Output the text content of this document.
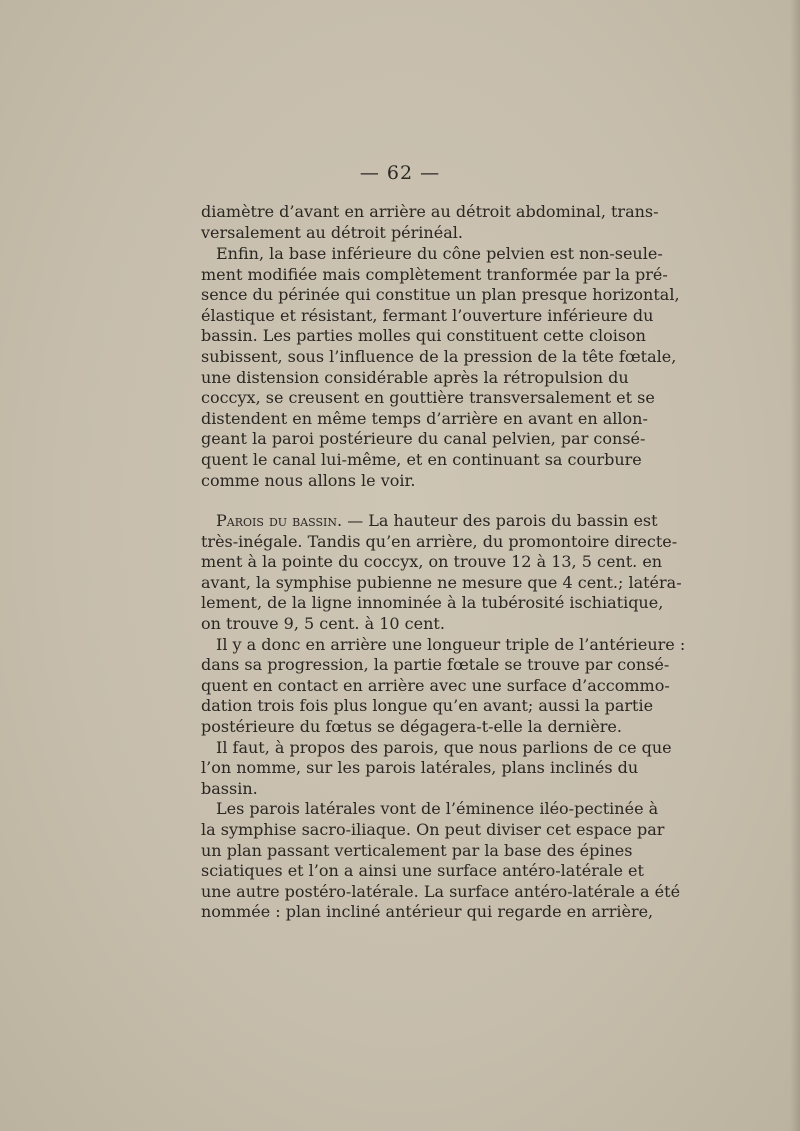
— 62 —
diamètre d’avant en arrière au détroit abdominal, trans-
versalement au détroit périnéal.
Enfin, la base inférieure du cône pelvien est non-seule-
ment modifiée mais complètement tranformée par la pré-
sence du périnée qui constitue un plan presque horizontal,
élastique et résistant, fermant l’ouverture inférieure du
bassin. Les parties molles qui constituent cette cloison
subissent, sous l’influence de la pression de la tête fœtale,
une distension considérable après la rétropulsion du
coccyx, se creusent en gouttière transversalement et se
distendent en même temps d’arrière en avant en allon-
geant la paroi postérieure du canal pelvien, par consé-
quent le canal lui-même, et en continuant sa courbure
comme nous allons le voir.
Parois du bassin. — La hauteur des parois du bassin est
très-inégale. Tandis qu’en arrière, du promontoire directe-
ment à la pointe du coccyx, on trouve 12 à 13, 5 cent. en
avant, la symphise pubienne ne mesure que 4 cent.; latéra-
lement, de la ligne innominée à la tubérosité ischiatique,
on trouve 9, 5 cent. à 10 cent.
Il y a donc en arrière une longueur triple de l’antérieure :
dans sa progression, la partie fœtale se trouve par consé-
quent en contact en arrière avec une surface d’accommo-
dation trois fois plus longue qu’en avant; aussi la partie
postérieure du fœtus se dégagera-t-elle la dernière.
Il faut, à propos des parois, que nous parlions de ce que
l’on nomme, sur les parois latérales, plans inclinés du
bassin.
Les parois latérales vont de l’éminence iléo-pectinée à
la symphise sacro-iliaque. On peut diviser cet espace par
un plan passant verticalement par la base des épines
sciatiques et l’on a ainsi une surface antéro-latérale et
une autre postéro-latérale. La surface antéro-latérale a été
nommée : plan incliné antérieur qui regarde en arrière,
